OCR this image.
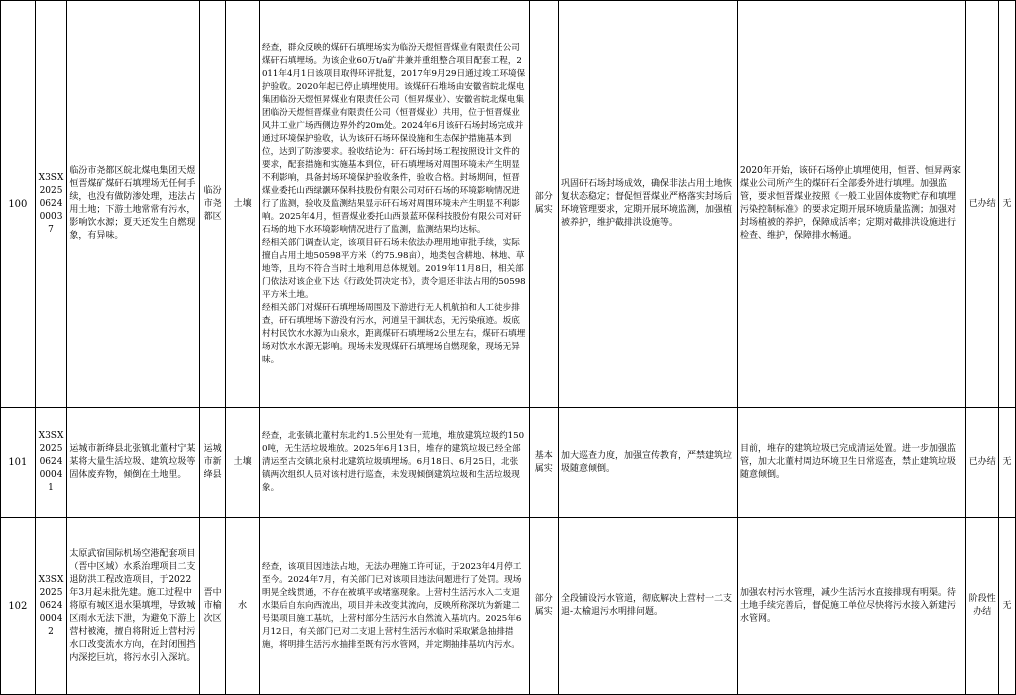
100	X3SX2025062400037	临汾市尧都区皖北煤电集团天煜恒晋煤矿煤矸石填埋场无任何手续，也没有做防渗处理，违法占用土地；下游土地常常有污水，影响饮水源；夏天还发生自燃现象，有异味。	临汾市尧都区	土壤	经查，群众反映的煤矸石填埋场实为临汾天煜恒晋煤业有限责任公司煤矸石填埋场。为该企业60万t/a矿井兼并重组整合项目配套工程，2011年4月1日该项目取得环评批复，2017年9月29日通过竣工环境保护验收。2020年起已停止填埋使用。该煤矸石堆场由安徽省皖北煤电集团临汾天煜恒昇煤业有限责任公司（恒昇煤业）、安徽省皖北煤电集团临汾天煜恒晋煤业有限责任公司（恒晋煤业）共用，位于恒晋煤业风井工业广场西侧边界外约20m处。2024年6月该矸石场封场完成并通过环境保护验收，认为该矸石场环保设施和生态保护措施基本到位，达到了防渗要求。验收结论为：矸石场封场工程按照设计文件的要求，配套措施和实施基本到位，矸石填埋场对周围环境未产生明显不利影响，具备封场环境保护验收条件，验收合格。封场期间，恒晋煤业委托山西绿灏环保科技股份有限公司对矸石场的环境影响情况进行了监测，验收及监测结果显示矸石场对周围环境未产生明显不利影响。2025年4月，恒晋煤业委托山西景蓝环保科技股份有限公司对矸石场的地下水环境影响情况进行了监测，监测结果均达标。
经相关部门调查认定，该项目矸石场未依法办理用地审批手续，实际擅自占用土地50598平方米（约75.98亩），地类包含耕地、林地、草地等，且均不符合当时土地利用总体规划。2019年11月8日，相关部门依法对该企业下达《行政处罚决定书》，责令退还非法占用的50598平方米土地。
经相关部门对煤矸石填埋场周围及下游进行无人机航拍和人工徒步排查，矸石填埋场下游没有污水，河道呈干涸状态，无污染痕迹。坂底村村民饮水水源为山泉水，距离煤矸石填埋场2公里左右，煤矸石填埋场对饮水水源无影响。现场未发现煤矸石填埋场自燃现象，现场无异味。	部分属实	巩固矸石场封场成效，确保非法占用土地恢复状态稳定；督促恒晋煤业严格落实封场后环境管理要求，定期开展环境监测，加强植被养护，维护截排洪设施等。	2020年开始，该矸石场停止填埋使用，恒晋、恒昇两家煤业公司所产生的煤矸石全部委外进行填埋。加强监管，要求恒晋煤业按照《一般工业固体废物贮存和填埋污染控制标准》的要求定期开展环境质量监测；加强对封场植被的养护，保障成活率；定期对截排洪设施进行检查、维护，保障排水畅通。	已办结	无
101	X3SX2025062400041	运城市新绛县北张镇北董村宁某某将大量生活垃圾、建筑垃圾等固体废弃物，倾倒在土地里。	运城市新绛县	土壤	经查，北张镇北董村东北约1.5公里处有一荒地，堆放建筑垃圾约1500吨，无生活垃圾堆放。2025年6月13日，堆存的建筑垃圾已经全部清运至古交镇北泉村北建筑垃圾填埋场。6月18日、6月25日，北张镇两次组织人员对该村进行巡查，未发现倾倒建筑垃圾和生活垃圾现象。	基本属实	加大巡查力度，加强宣传教育，严禁建筑垃圾随意倾倒。	目前，堆存的建筑垃圾已完成清运处置。进一步加强监管，加大北董村周边环境卫生日常巡查，禁止建筑垃圾随意倾倒。	已办结	无
102	X3SX2025062400042	太原武宿国际机场空港配套项目（晋中区域）水系治理项目二支退防洪工程改造项目，于2022年3月起未批先建。施工过程中将原有城区退水渠填埋，导致城区雨水无法下泄，为避免下游上营村被淹，擅自将附近上营村污水口改变流水方向，在封闭围挡内深挖巨坑，将污水引入深坑。	晋中市榆次区	水	经查，该项目因违法占地，无法办理施工许可证，于2023年4月停工至今。2024年7月，有关部门已对该项目违法问题进行了处罚。现场明晃全线贯通，不存在被填平或堵塞现象。上营村生活污水入二支退水渠后自东向西流出，项目并未改变其流向，反映所称深坑为新建二号渠项目施工基坑，上营村部分生活污水自然流入基坑内。2025年6月12日，有关部门已对二支退上营村生活污水临时采取紧急抽排措施，将明排生活污水抽排至既有污水管网，并定期抽排基坑内污水。	部分属实	全段铺设污水管道，彻底解决上营村一二支退-太榆退污水明排问题。	加强农村污水管理，减少生活污水直接排现有明渠。待土地手续完善后，督促施工单位尽快将污水接入新建污水管网。	阶段性办结	无
